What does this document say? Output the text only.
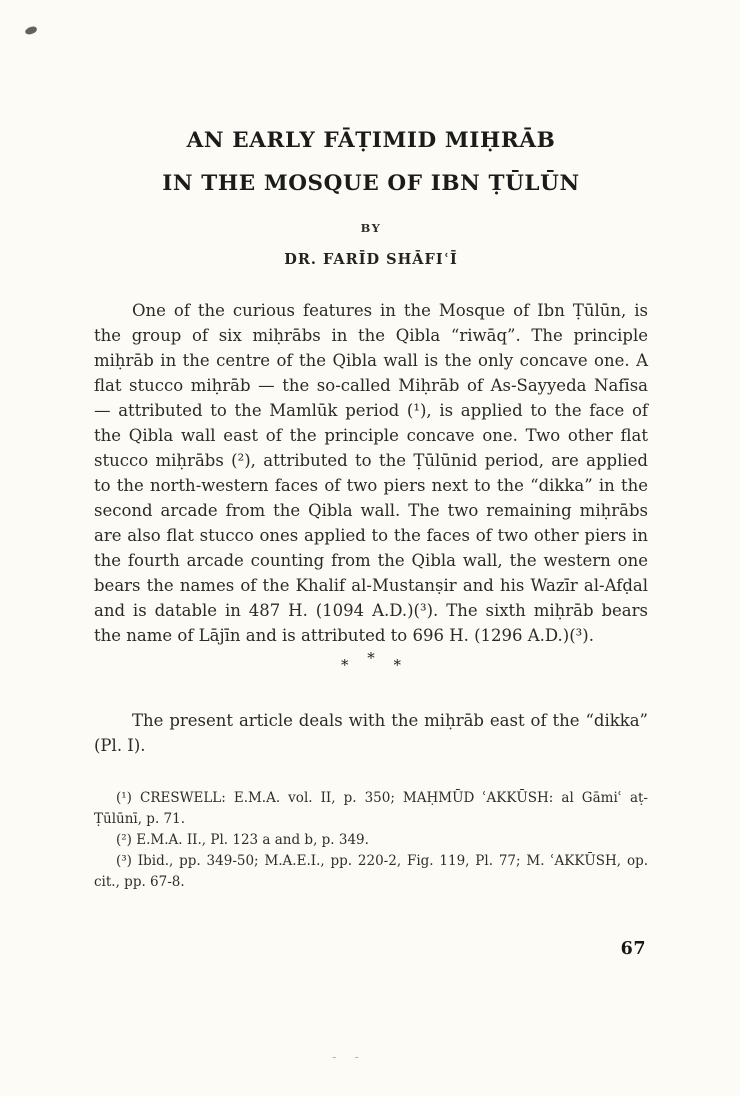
AN EARLY FĀṬIMID MIḤRĀB
IN THE MOSQUE OF IBN ṬŪLŪN
BY
DR. FARĪD SHĀFIʿĪ

One of the curious features in the Mosque of Ibn Ṭūlūn, is the group of six miḥrābs in the Qibla “riwāq”. The principle miḥrāb in the centre of the Qibla wall is the only concave one. A flat stucco miḥrāb — the so-called Miḥrāb of As-Sayyeda Nafīsa — attributed to the Mamlūk period (¹), is applied to the face of the Qibla wall east of the principle concave one. Two other flat stucco miḥrābs (²), attributed to the Ṭūlūnid period, are applied to the north-western faces of two piers next to the “dikka” in the second arcade from the Qibla wall. The two remaining miḥrābs are also flat stucco ones applied to the faces of two other piers in the fourth arcade counting from the Qibla wall, the western one bears the names of the Khalif al-Mustanṣir and his Wazīr al-Afḍal and is datable in 487 H. (1094 A.D.)(³). The sixth miḥrāb bears the name of Lājīn and is attributed to 696 H. (1296 A.D.)(³).

* * *

The present article deals with the miḥrāb east of the “dikka” (Pl. I).

(¹) CRESWELL: E.M.A. vol. II, p. 350; MAḤMŪD ʿAKKŪSH: al Gāmiʿ aṭ-Ṭūlūnī, p. 71.

(²) E.M.A. II., Pl. 123 a and b, p. 349.

(³) Ibid., pp. 349-50; M.A.E.I., pp. 220-2, Fig. 119, Pl. 77; M. ʿAKKŪSH, op. cit., pp. 67-8.

67
- -
